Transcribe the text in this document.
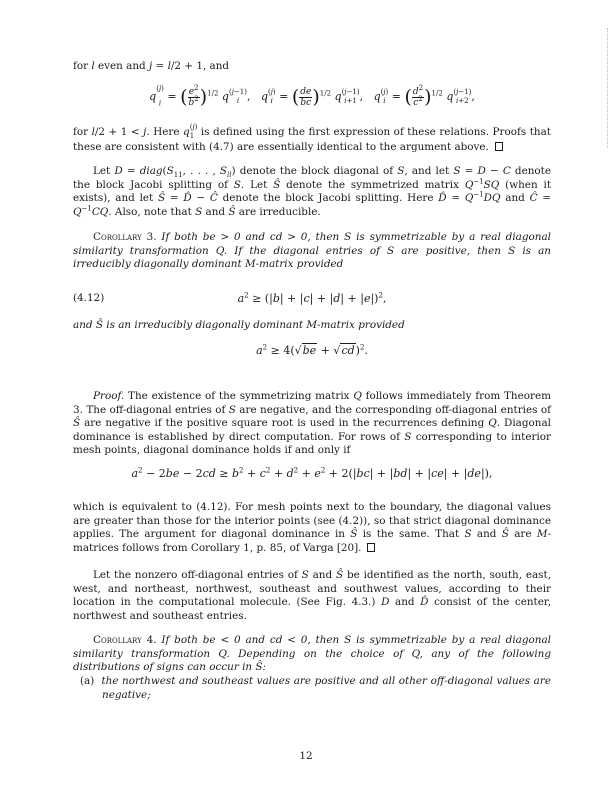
for l even and j = l/2 + 1, and

q
$^{(j)}$
$_i$
= ( $\frac{e^2}{b^2} )^{1/2}$ q (j−1)
i ,   q (j)
i = ( $\frac{de}{bc} )^{1/2}$ q (j−1)
i+1 ,   q (j)
i = ( $\frac{d^2}{c^2} )^{1/2}$ q (j−1)
i+2 ,

for l/2 + 1 < j. Here q (j)
1 is defined using the first expression of these relations. Proofs that these are consistent with (4.7) are essentially identical to the argument above.

Let $D = diag(S_{11}$, . . . , $S_{ll}$) denote the block diagonal of S, and let S = D − C denote the block Jacobi splitting of S. Let Ŝ denote the symmetrized matrix $Q^{-1}SQ$ (when it exists), and let Ŝ = D̂ − Ĉ denote the block Jacobi splitting. Here D̂ = $Q^{-1}DQ$ and Ĉ = $Q^{-1}CQ$. Also, note that S and Ŝ are irreducible.

Corollary 3. If both be > 0 and cd > 0, then S is symmetrizable by a real diagonal similarity transformation Q. If the diagonal entries of S are positive, then S is an irreducibly diagonally dominant M-matrix provided

(4.12)	$a^2 \ge (|b| + |c| + |d| + |e|)^2$,

and Ŝ is an irreducibly diagonally dominant M-matrix provided

$a^2 \ge 4(√be + √cd)^2$.

Proof. The existence of the symmetrizing matrix Q follows immediately from Theorem 3. The off-diagonal entries of S are negative, and the corresponding off-diagonal entries of Ŝ are negative if the positive square root is used in the recurrences defining Q. Diagonal dominance is established by direct computation. For rows of S corresponding to interior mesh points, diagonal dominance holds if and only if

$a^2 - 2be - 2cd \ge b^2 + c^2 + d^2 + e^2 + 2(|bc| + |bd| + |ce| + |de|)$,

which is equivalent to (4.12). For mesh points next to the boundary, the diagonal values are greater than those for the interior points (see (4.2)), so that strict diagonal dominance applies. The argument for diagonal dominance in Ŝ is the same. That S and Ŝ are M-matrices follows from Corollary 1, p. 85, of Varga [20].

Let the nonzero off-diagonal entries of S and Ŝ be identified as the north, south, east, west, and northeast, northwest, southeast and southwest values, according to their location in the computational molecule. (See Fig. 4.3.) D and D̂ consist of the center, northwest and southeast entries.

Corollary 4. If both be < 0 and cd < 0, then S is symmetrizable by a real diagonal similarity transformation Q. Depending on the choice of Q, any of the following distributions of signs can occur in Ŝ:

(a) the northwest and southeast values are positive and all other off-diagonal values are negative;

12
